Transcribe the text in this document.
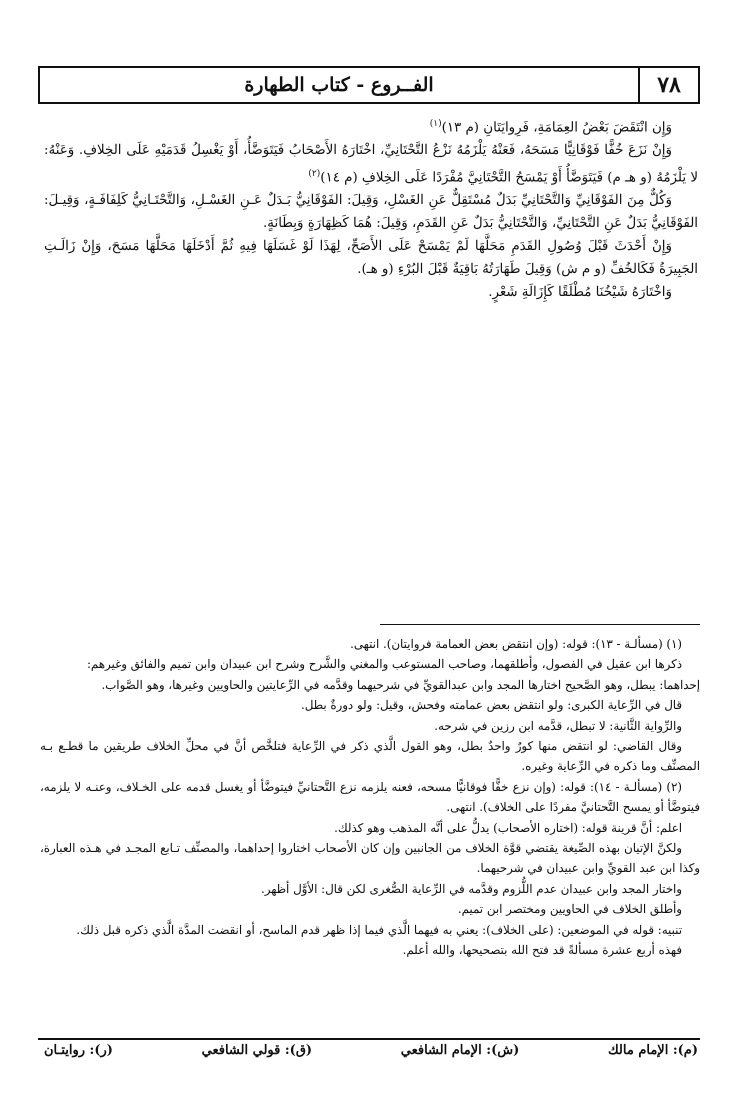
٧٨
الفــروع - كتاب الطهارة

وَإِن انْتَقَضَ بَعْضُ العِمَامَةِ، فَرِوايَتَانِ (م ١٣)$^{(١)}$

وَإِنْ نَزَعَ خُفًّا فَوْقَانِيًّا مَسَحَهُ، فَعَنْهُ يَلْزَمُهُ نَزْعُ التَّحْتَانِيِّ، اخْتَارَهُ الأَصْحَابُ فَيَتَوَضَّأُ، أَوْ يَغْسِلُ قَدَمَيْهِ عَلَى الخِلافِ. وَعَنْهُ: لا يَلْزَمُهُ (و هـ م) فَيَتَوَضَّأُ أَوْ يَمْسَحُ التَّحْتَانِيَّ مُفْرَدًا عَلَى الخِلافِ (م ١٤)$^{(٢)}$

وَكُلٌّ مِنَ الفَوْقَانِيِّ وَالتَّحْتَانِيِّ بَدَلٌ مُسْتَقِلٌّ عَنِ الغَسْلِ، وَقِيلَ: الفَوْقَانِيُّ بَـدَلٌ عَـنِ الغَسْـلِ، وَالتَّحْتَـانِيُّ كَلِفَافَـةٍ، وَقِيـلَ: الفَوْقَانِيُّ بَدَلٌ عَنِ التَّحْتَانِيِّ، وَالتَّحْتَانِيُّ بَدَلٌ عَنِ القَدَمِ، وَقِيلَ: هُمَا كَظِهَارَةٍ وَبِطَانَةٍ.

وَإِنْ أَحْدَثَ قَبْلَ وُصُولِ القَدَمِ مَحَلَّهَا لَمْ يَمْسَحْ عَلَى الأَصَحِّ، لِهَذَا لَوْ غَسَلَهَا فِيهِ ثُمَّ أَدْخَلَهَا مَحَلَّهَا مَسَحَ، وَإِنْ زَالَـتِ الجَبِيرَةُ فَكَالخُفِّ (و م ش) وَقِيلَ طَهَارَتُهُ بَاقِيَةٌ قَبْلَ البُرْءِ (و هـ).

وَاخْتَارَهُ شَيْخُنَا مُطْلَقًا كَإِزَالَةِ شَعْرٍ.

(١) (مسألـة - ١٣): قوله: (وإن انتقض بعض العمامة فروايتان). انتهى.

ذكرها ابن عقيل في الفصول، وأطلقهما، وصاحب المستوعب والمغني والشَّرح وشرح ابن عبيدان وابن تميم والفائق وغيرهم:

إحداهما: يبطل، وهو الصَّحيح اختارها المجد وابن عبدالقويِّ في شرحيهما وقدَّمه في الرِّعايتين والحاويين وغيرها، وهو الصَّواب.

قال في الرِّعاية الكبرى: ولو انتقض بعض عمامته وفحش، وقيل: ولو دورةٌ بطل.

والرِّواية الثَّانية: لا تبطل، قدَّمه ابن رزين في شرحه.

وقال القاضي: لو انتقض منها كورٌ واحدٌ بطل، وهو القول الَّذي ذكر في الرِّعاية فتلخَّص أنَّ في محلِّ الخلاف طريقين ما قطـع بـه المصنِّف وما ذكره في الرِّعاية وغيره.

(٢) (مسألـة - ١٤): قوله: (وإن نزع خفًّا فوقانيًّا مسحه، فعنه يلزمه نزع التَّحتانيِّ فيتوضَّأ أو يغسل قدمه على الخـلاف، وعنـه لا يلزمه، فيتوضَّأ أو يمسح التَّحتانيَّ مفردًا على الخلاف). انتهى.

اعلم: أنَّ قرينة قوله: (اختاره الأصحاب) يدلُّ على أنَّه المذهب وهو كذلك.

ولكنَّ الإتيان بهذه الصِّيغة يقتضي قوَّة الخلاف من الجانبين وإن كان الأصحاب اختاروا إحداهما، والمصنِّف تـابع المجـد في هـذه العبارة، وكذا ابن عبد القويِّ وابن عبيدان في شرحيهما.

واختار المجد وابن عبيدان عدم اللُّزوم وقدَّمه في الرِّعاية الصُّغرى لكن قال: الأوَّل أظهر.

وأطلق الخلاف في الحاويين ومختصر ابن تميم.

تنبيه: قوله في الموضعين: (على الخلاف): يعني به فيهما الَّذي فيما إذا ظهر قدم الماسح، أو انقضت المدَّة الَّذي ذكره قبل ذلك.

فهذه أربع عشرة مسألةً قد فتح الله بتصحيحها، والله أعلم.

(م): الإمام مالك
(ش): الإمام الشافعي
(ق): قولي الشافعي
(ر): روايتـان
